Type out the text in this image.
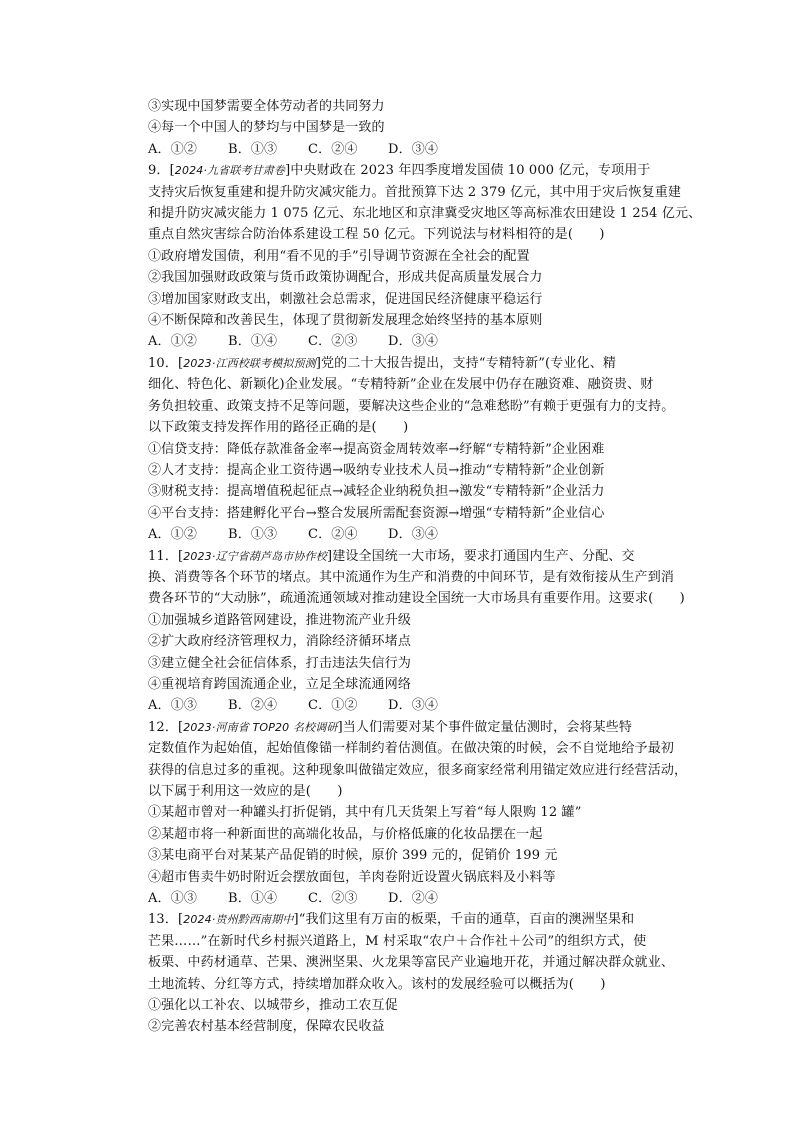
③实现中国梦需要全体劳动者的共同努力
④每一个中国人的梦均与中国梦是一致的
A．①② B．①③ C．②④ D．③④
9．[2024·九省联考甘肃卷]中央财政在 2023 年四季度增发国债 10 000 亿元，专项用于
支持灾后恢复重建和提升防灾减灾能力。首批预算下达 2 379 亿元，其中用于灾后恢复重建
和提升防灾减灾能力 1 075 亿元、东北地区和京津冀受灾地区等高标准农田建设 1 254 亿元、
重点自然灾害综合防治体系建设工程 50 亿元。下列说法与材料相符的是(　　)
①政府增发国债，利用“看不见的手”引导调节资源在全社会的配置
②我国加强财政政策与货币政策协调配合，形成共促高质量发展合力
③增加国家财政支出，刺激社会总需求，促进国民经济健康平稳运行
④不断保障和改善民生，体现了贯彻新发展理念始终坚持的基本原则
A．①② B．①④ C．②③ D．③④
10．[2023·江西校联考模拟预测]党的二十大报告提出，支持“专精特新”(专业化、精
细化、特色化、新颖化)企业发展。“专精特新”企业在发展中仍存在融资难、融资贵、财
务负担较重、政策支持不足等问题，要解决这些企业的“急难愁盼”有赖于更强有力的支持。
以下政策支持发挥作用的路径正确的是(　　)
①信贷支持：降低存款准备金率→提高资金周转效率→纾解“专精特新”企业困难
②人才支持：提高企业工资待遇→吸纳专业技术人员→推动“专精特新”企业创新
③财税支持：提高增值税起征点→减轻企业纳税负担→激发“专精特新”企业活力
④平台支持：搭建孵化平台→整合发展所需配套资源→增强“专精特新”企业信心
A．①② B．①③ C．②④ D．③④
11．[2023·辽宁省葫芦岛市协作校]建设全国统一大市场，要求打通国内生产、分配、交
换、消费等各个环节的堵点。其中流通作为生产和消费的中间环节，是有效衔接从生产到消
费各环节的“大动脉”，疏通流通领域对推动建设全国统一大市场具有重要作用。这要求(　　)
①加强城乡道路管网建设，推进物流产业升级
②扩大政府经济管理权力，消除经济循环堵点
③建立健全社会征信体系，打击违法失信行为
④重视培育跨国流通企业，立足全球流通网络
A．①③ B．②④ C．①② D．③④
12．[2023·河南省 TOP20 名校调研]当人们需要对某个事件做定量估测时，会将某些特
定数值作为起始值，起始值像锚一样制约着估测值。在做决策的时候，会不自觉地给予最初
获得的信息过多的重视。这种现象叫做锚定效应，很多商家经常利用锚定效应进行经营活动，
以下属于利用这一效应的是(　　)
①某超市曾对一种罐头打折促销，其中有几天货架上写着“每人限购 12 罐”
②某超市将一种新面世的高端化妆品，与价格低廉的化妆品摆在一起
③某电商平台对某某产品促销的时候，原价 399 元的，促销价 199 元
④超市售卖牛奶时附近会摆放面包，羊肉卷附近设置火锅底料及小料等
A．①③ B．①④ C．②③ D．②④
13．[2024·贵州黔西南期中]“我们这里有万亩的板栗，千亩的通草，百亩的澳洲坚果和
芒果……”在新时代乡村振兴道路上，M 村采取“农户＋合作社＋公司”的组织方式，使
板栗、中药材通草、芒果、澳洲坚果、火龙果等富民产业遍地开花，并通过解决群众就业、
土地流转、分红等方式，持续增加群众收入。该村的发展经验可以概括为(　　)
①强化以工补农、以城带乡，推动工农互促
②完善农村基本经营制度，保障农民收益
